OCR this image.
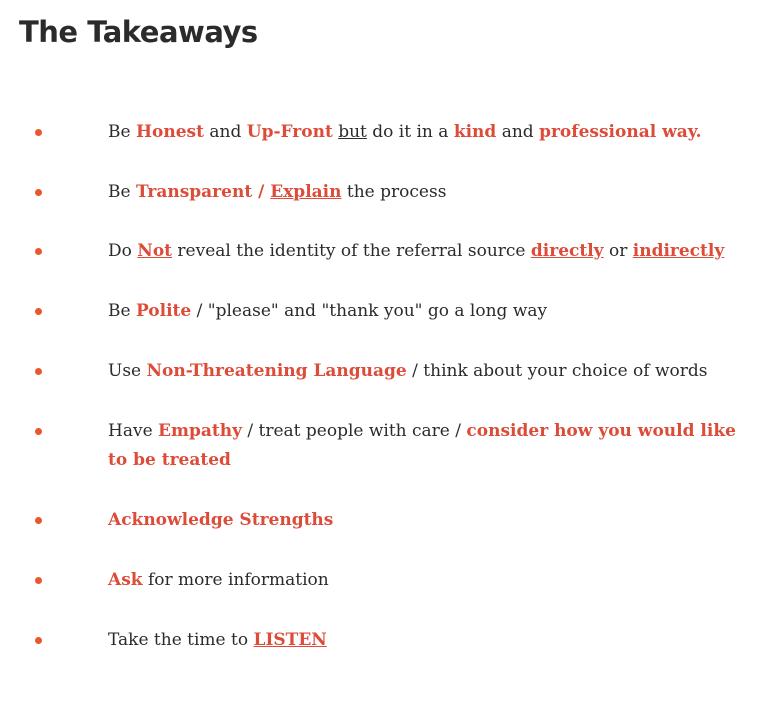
The Takeaways
Be Honest and Up-Front but do it in a kind and professional way.
Be Transparent / Explain the process
Do Not reveal the identity of the referral source directly or indirectly
Be Polite / "please" and "thank you" go a long way
Use Non-Threatening Language / think about your choice of words
Have Empathy / treat people with care / consider how you would like to be treated
Acknowledge Strengths
Ask for more information
Take the time to LISTEN
